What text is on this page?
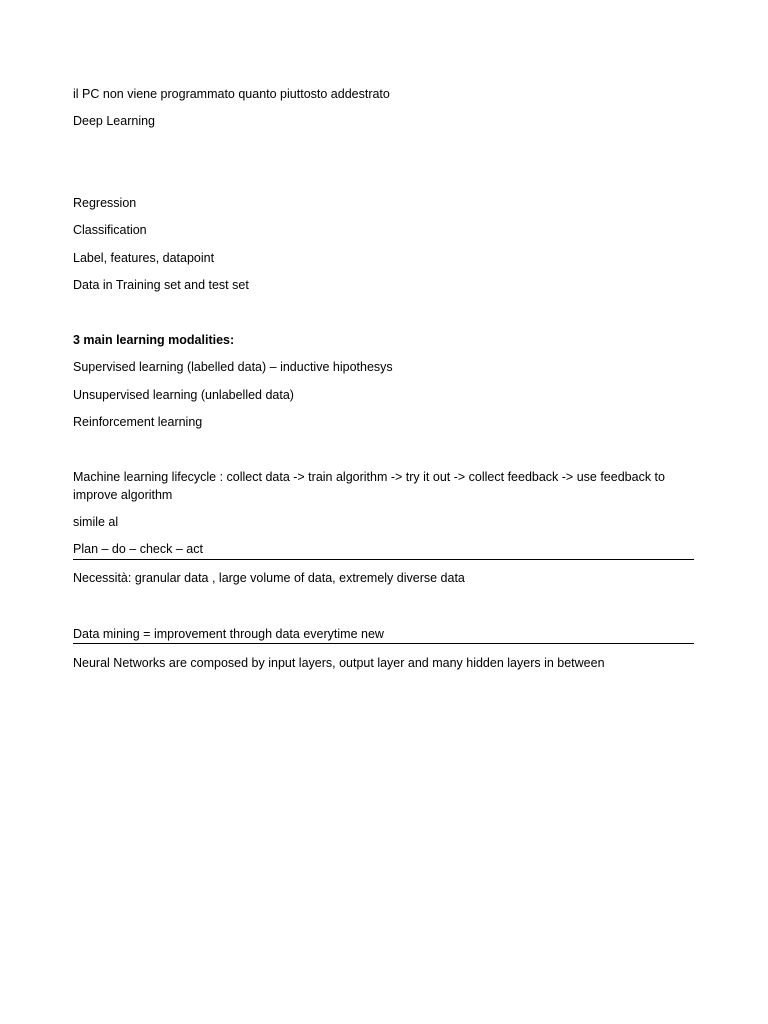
il PC non viene programmato quanto piuttosto addestrato
Deep Learning
Regression
Classification
Label, features, datapoint
Data in Training set and test set
3 main learning modalities:
Supervised learning (labelled data) – inductive hipothesys
Unsupervised learning (unlabelled data)
Reinforcement learning
Machine learning lifecycle : collect data -> train algorithm -> try it out -> collect feedback -> use feedback to improve algorithm
simile al
Plan – do – check – act
Necessità: granular data , large volume of data, extremely diverse data
Data mining = improvement through data everytime new
Neural Networks are composed by input layers, output layer and many hidden layers in between
